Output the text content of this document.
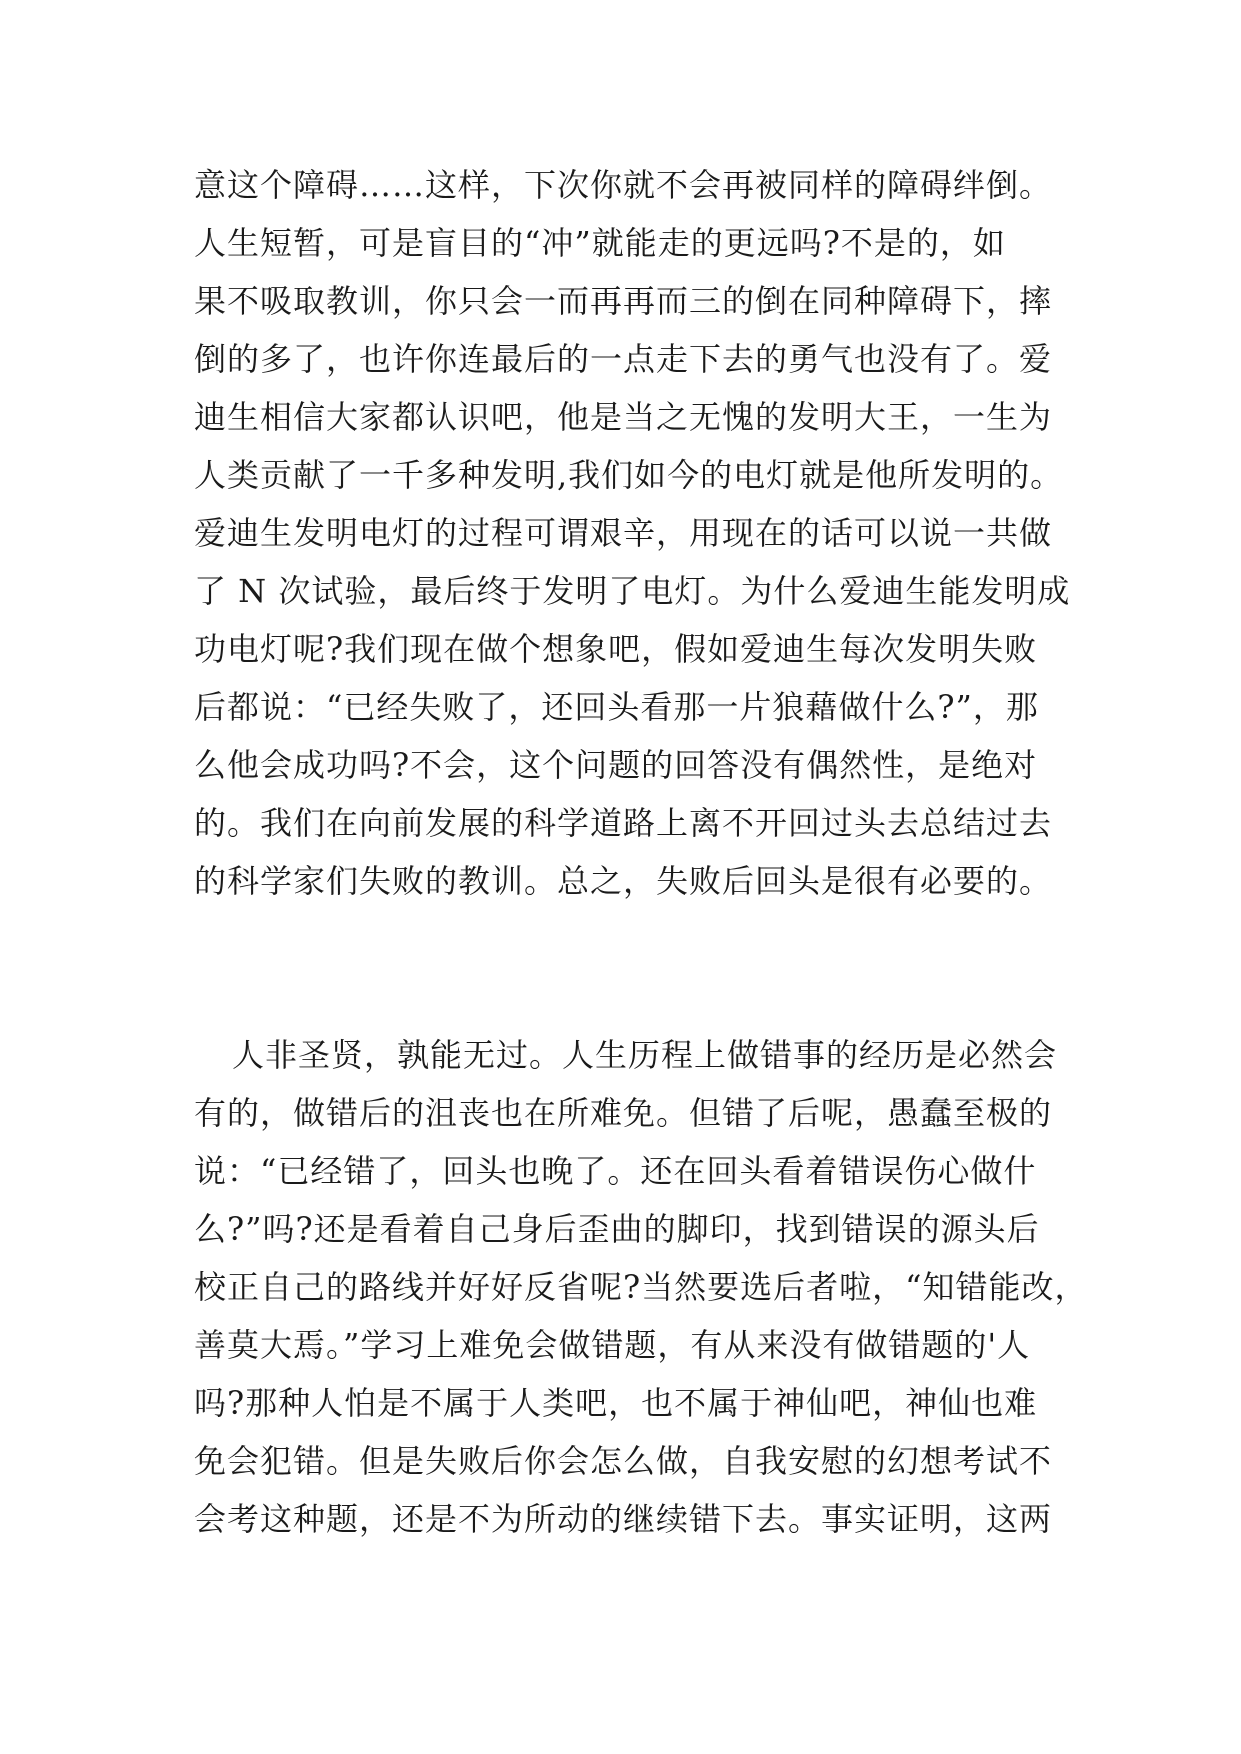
意这个障碍……这样，下次你就不会再被同样的障碍绊倒。
人生短暂，可是盲目的“冲”就能走的更远吗?不是的，如
果不吸取教训，你只会一而再再而三的倒在同种障碍下，摔
倒的多了，也许你连最后的一点走下去的勇气也没有了。爱
迪生相信大家都认识吧，他是当之无愧的发明大王，一生为
人类贡献了一千多种发明,我们如今的电灯就是他所发明的。
爱迪生发明电灯的过程可谓艰辛，用现在的话可以说一共做
了 N 次试验，最后终于发明了电灯。为什么爱迪生能发明成
功电灯呢?我们现在做个想象吧，假如爱迪生每次发明失败
后都说：“已经失败了，还回头看那一片狼藉做什么?”，那
么他会成功吗?不会，这个问题的回答没有偶然性，是绝对
的。我们在向前发展的科学道路上离不开回过头去总结过去
的科学家们失败的教训。总之，失败后回头是很有必要的。
人非圣贤，孰能无过。人生历程上做错事的经历是必然会
有的，做错后的沮丧也在所难免。但错了后呢，愚蠢至极的
说：“已经错了，回头也晚了。还在回头看着错误伤心做什
么?”吗?还是看着自己身后歪曲的脚印，找到错误的源头后
校正自己的路线并好好反省呢?当然要选后者啦，“知错能改，
善莫大焉。”学习上难免会做错题，有从来没有做错题的'人
吗?那种人怕是不属于人类吧，也不属于神仙吧，神仙也难
免会犯错。但是失败后你会怎么做，自我安慰的幻想考试不
会考这种题，还是不为所动的继续错下去。事实证明，这两
